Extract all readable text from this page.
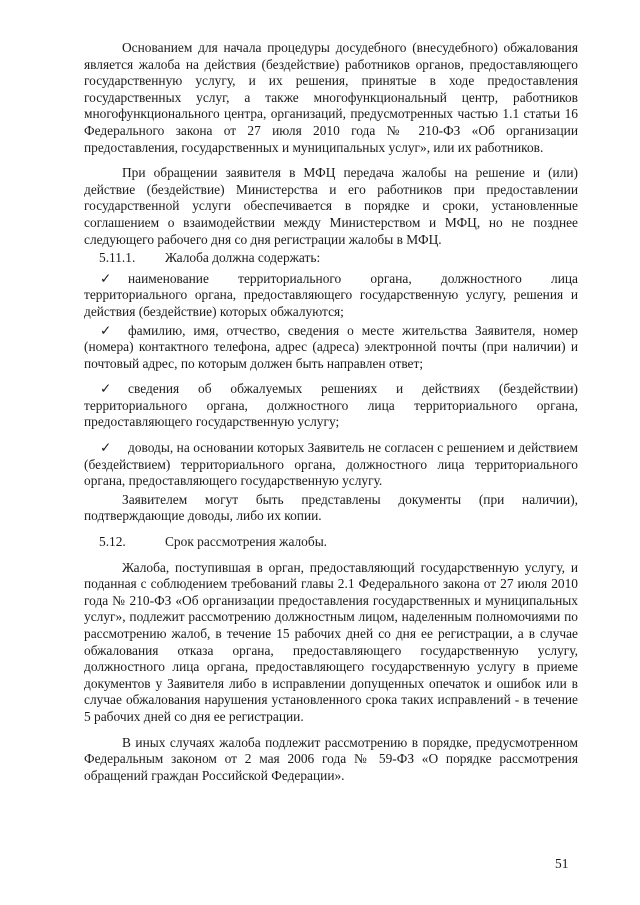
Основанием для начала процедуры досудебного (внесудебного) обжалования является жалоба на действия (бездействие) работников органов, предоставляющего государственную услугу, и их решения, принятые в ходе предоставления государственных услуг, а также многофункциональный центр, работников многофункционального центра, организаций, предусмотренных частью 1.1 статьи 16 Федерального закона от 27 июля 2010 года № 210-ФЗ «Об организации предоставления, государственных и муниципальных услуг», или их работников.

При обращении заявителя в МФЦ передача жалобы на решение и (или) действие (бездействие) Министерства и его работников при предоставлении государственной услуги обеспечивается в порядке и сроки, установленные соглашением о взаимодействии между Министерством и МФЦ, но не позднее следующего рабочего дня со дня регистрации жалобы в МФЦ.

5.11.1. Жалоба должна содержать:

✓ наименование территориального органа, должностного лица территориального органа, предоставляющего государственную услугу, решения и действия (бездействие) которых обжалуются;

✓ фамилию, имя, отчество, сведения о месте жительства Заявителя, номер (номера) контактного телефона, адрес (адреса) электронной почты (при наличии) и почтовый адрес, по которым должен быть направлен ответ;

✓ сведения об обжалуемых решениях и действиях (бездействии) территориального органа, должностного лица территориального органа, предоставляющего государственную услугу;

✓ доводы, на основании которых Заявитель не согласен с решением и действием (бездействием) территориального органа, должностного лица территориального органа, предоставляющего государственную услугу.

Заявителем могут быть представлены документы (при наличии), подтверждающие доводы, либо их копии.

5.12.	Срок рассмотрения жалобы.

Жалоба, поступившая в орган, предоставляющий государственную услугу, и поданная с соблюдением требований главы 2.1 Федерального закона от 27 июля 2010 года № 210-ФЗ «Об организации предоставления государственных и муниципальных услуг», подлежит рассмотрению должностным лицом, наделенным полномочиями по рассмотрению жалоб, в течение 15 рабочих дней со дня ее регистрации, а в случае обжалования отказа органа, предоставляющего государственную услугу, должностного лица органа, предоставляющего государственную услугу в приеме документов у Заявителя либо в исправлении допущенных опечаток и ошибок или в случае обжалования нарушения установленного срока таких исправлений - в течение 5 рабочих дней со дня ее регистрации.

В иных случаях жалоба подлежит рассмотрению в порядке, предусмотренном Федеральным законом от 2 мая 2006 года № 59-ФЗ «О порядке рассмотрения обращений граждан Российской Федерации».

51
